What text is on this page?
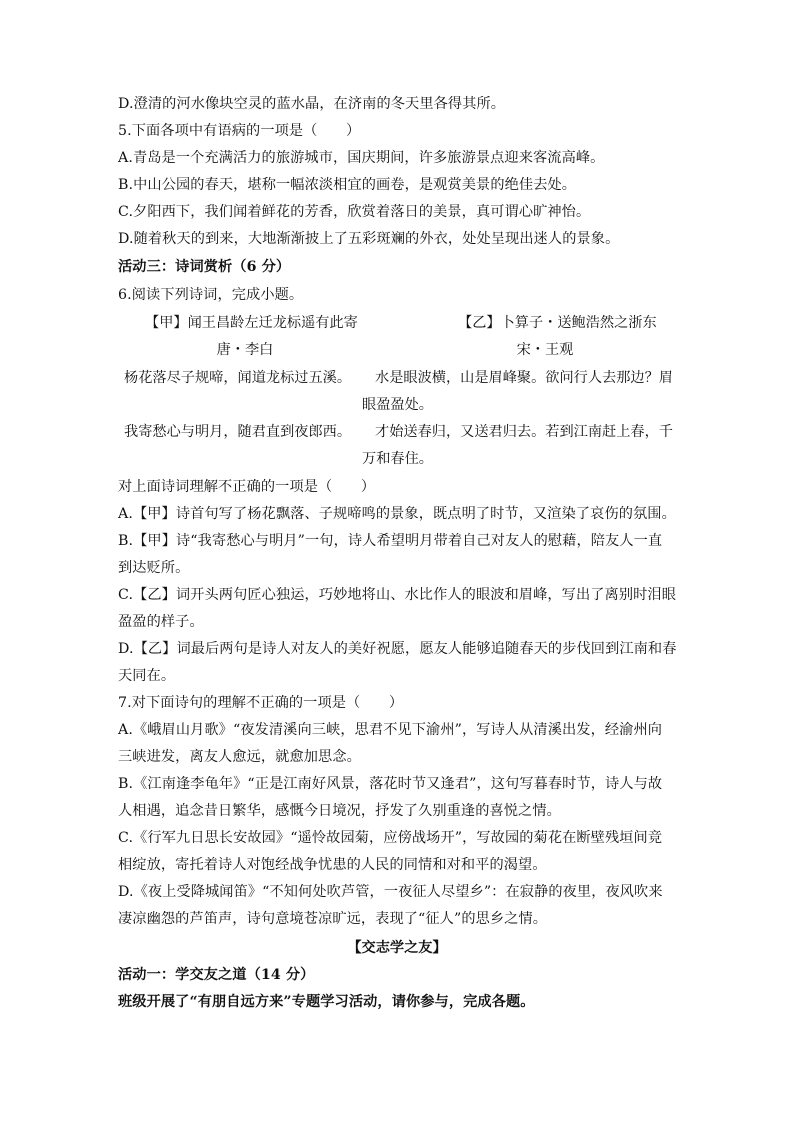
D.澄清的河水像块空灵的蓝水晶，在济南的冬天里各得其所。
5.下面各项中有语病的一项是（　　）
A.青岛是一个充满活力的旅游城市，国庆期间，许多旅游景点迎来客流高峰。
B.中山公园的春天，堪称一幅浓淡相宜的画卷，是观赏美景的绝佳去处。
C.夕阳西下，我们闻着鲜花的芳香，欣赏着落日的美景，真可谓心旷神怡。
D.随着秋天的到来，大地渐渐披上了五彩斑斓的外衣，处处呈现出迷人的景象。
活动三：诗词赏析（6 分）
6.阅读下列诗词，完成小题。
【甲】闻王昌龄左迁龙标遥有此寄
唐・李白
杨花落尽子规啼，闻道龙标过五溪。
我寄愁心与明月，随君直到夜郎西。
【乙】卜算子・送鲍浩然之浙东
宋・王观
水是眼波横，山是眉峰聚。欲问行人去那边？眉
眼盈盈处。
才始送春归，又送君归去。若到江南赶上春，千
万和春住。
对上面诗词理解不正确的一项是（　　）
A.【甲】诗首句写了杨花飘落、子规啼鸣的景象，既点明了时节，又渲染了哀伤的氛围。
B.【甲】诗“我寄愁心与明月”一句，诗人希望明月带着自己对友人的慰藉，陪友人一直
到达贬所。
C.【乙】词开头两句匠心独运，巧妙地将山、水比作人的眼波和眉峰，写出了离别时泪眼
盈盈的样子。
D.【乙】词最后两句是诗人对友人的美好祝愿，愿友人能够追随春天的步伐回到江南和春
天同在。
7.对下面诗句的理解不正确的一项是（　　）
A.《峨眉山月歌》“夜发清溪向三峡，思君不见下渝州”，写诗人从清溪出发，经渝州向
三峡进发，离友人愈远，就愈加思念。
B.《江南逢李龟年》“正是江南好风景，落花时节又逢君”，这句写暮春时节，诗人与故
人相遇，追念昔日繁华，感慨今日境况，抒发了久别重逢的喜悦之情。
C.《行军九日思长安故园》“遥怜故园菊，应傍战场开”，写故园的菊花在断壁残垣间竞
相绽放，寄托着诗人对饱经战争忧患的人民的同情和对和平的渴望。
D.《夜上受降城闻笛》“不知何处吹芦管，一夜征人尽望乡”：在寂静的夜里，夜风吹来
凄凉幽怨的芦笛声，诗句意境苍凉旷远，表现了“征人”的思乡之情。
【交志学之友】
活动一：学交友之道（14 分）
班级开展了“有朋自远方来”专题学习活动，请你参与，完成各题。
